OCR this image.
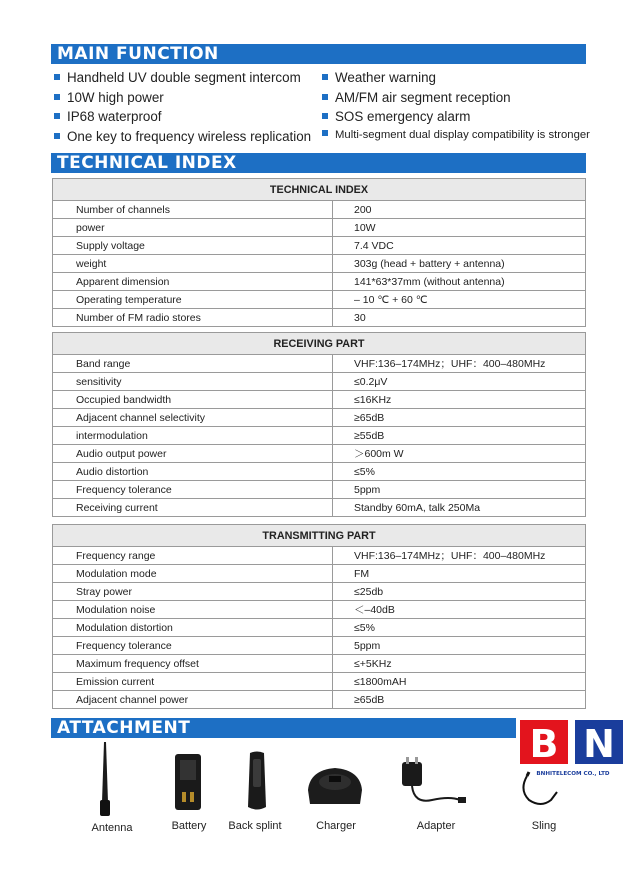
MAIN FUNCTION
Handheld UV double segment intercom
10W high power
IP68 waterproof
One key to frequency wireless replication
Weather warning
AM/FM air segment reception
SOS emergency alarm
Multi-segment dual display compatibility is stronger
TECHNICAL INDEX
TECHNICAL INDEX	
Number of channels	200
power	10W
Supply voltage	7.4 VDC
weight	303g (head + battery + antenna)
Apparent dimension	141*63*37mm (without antenna)
Operating temperature	– 10 ℃ + 60 ℃
Number of FM radio stores	30
RECEIVING PART	
Band range	VHF:136–174MHz；UHF：400–480MHz
sensitivity	≤0.2μV
Occupied bandwidth	≤16KHz
Adjacent channel selectivity	≥65dB
intermodulation	≥55dB
Audio output power	＞600m W
Audio distortion	≤5%
Frequency tolerance	5ppm
Receiving current	Standby 60mA, talk 250Ma
TRANSMITTING PART	
Frequency range	VHF:136–174MHz；UHF：400–480MHz
Modulation mode	FM
Stray power	≤25db
Modulation noise	＜–40dB
Modulation distortion	≤5%
Frequency tolerance	5ppm
Maximum frequency offset	≤+5KHz
Emission current	≤1800mAH
Adjacent channel power	≥65dB
ATTACHMENT	B N
BNHITELECOM CO., LTD
Antenna	Battery	Back splint	Charger	Adapter	Sling
